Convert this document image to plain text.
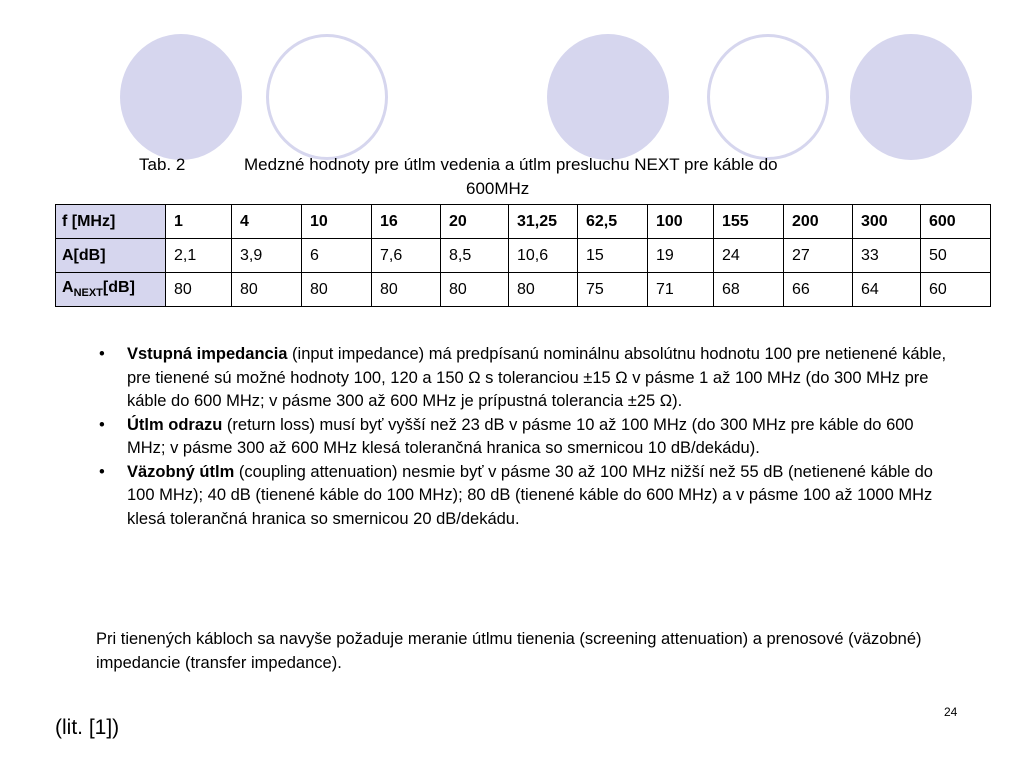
Tab. 2	Medzné hodnoty pre útlm vedenia a útlm presluchu NEXT pre káble do
600MHz
f [MHz]	1	4	10	16	20	31,25	62,5	100	155	200	300	600
A[dB]	2,1	3,9	6	7,6	8,5	10,6	15	19	24	27	33	50
$A_{NEXT}[dB]$	80	80	80	80	80	80	75	71	68	66	64	60
• Vstupná impedancia (input impedance) má predpísanú nominálnu absolútnu hodnotu 100 pre netienené káble, pre tienené sú možné hodnoty 100, 120 a 150 Ω s toleranciou ±15 Ω v pásme 1 až 100 MHz (do 300 MHz pre káble do 600 MHz; v pásme 300 až 600 MHz je prípustná tolerancia ±25 Ω).
• Útlm odrazu (return loss) musí byť vyšší než 23 dB v pásme 10 až 100 MHz (do 300 MHz pre káble do 600 MHz; v pásme 300 až 600 MHz klesá tolerančná hranica so smernicou 10 dB/dekádu).
• Väzobný útlm (coupling attenuation) nesmie byť v pásme 30 až 100 MHz nižší než 55 dB (netienené káble do 100 MHz); 40 dB (tienené káble do 100 MHz); 80 dB (tienené káble do 600 MHz) a v pásme 100 až 1000 MHz klesá tolerančná hranica so smernicou 20 dB/dekádu.
Pri tienených kábloch sa navyše požaduje meranie útlmu tienenia (screening attenuation) a prenosové (väzobné) impedancie (transfer impedance).
24
(lit. [1])
